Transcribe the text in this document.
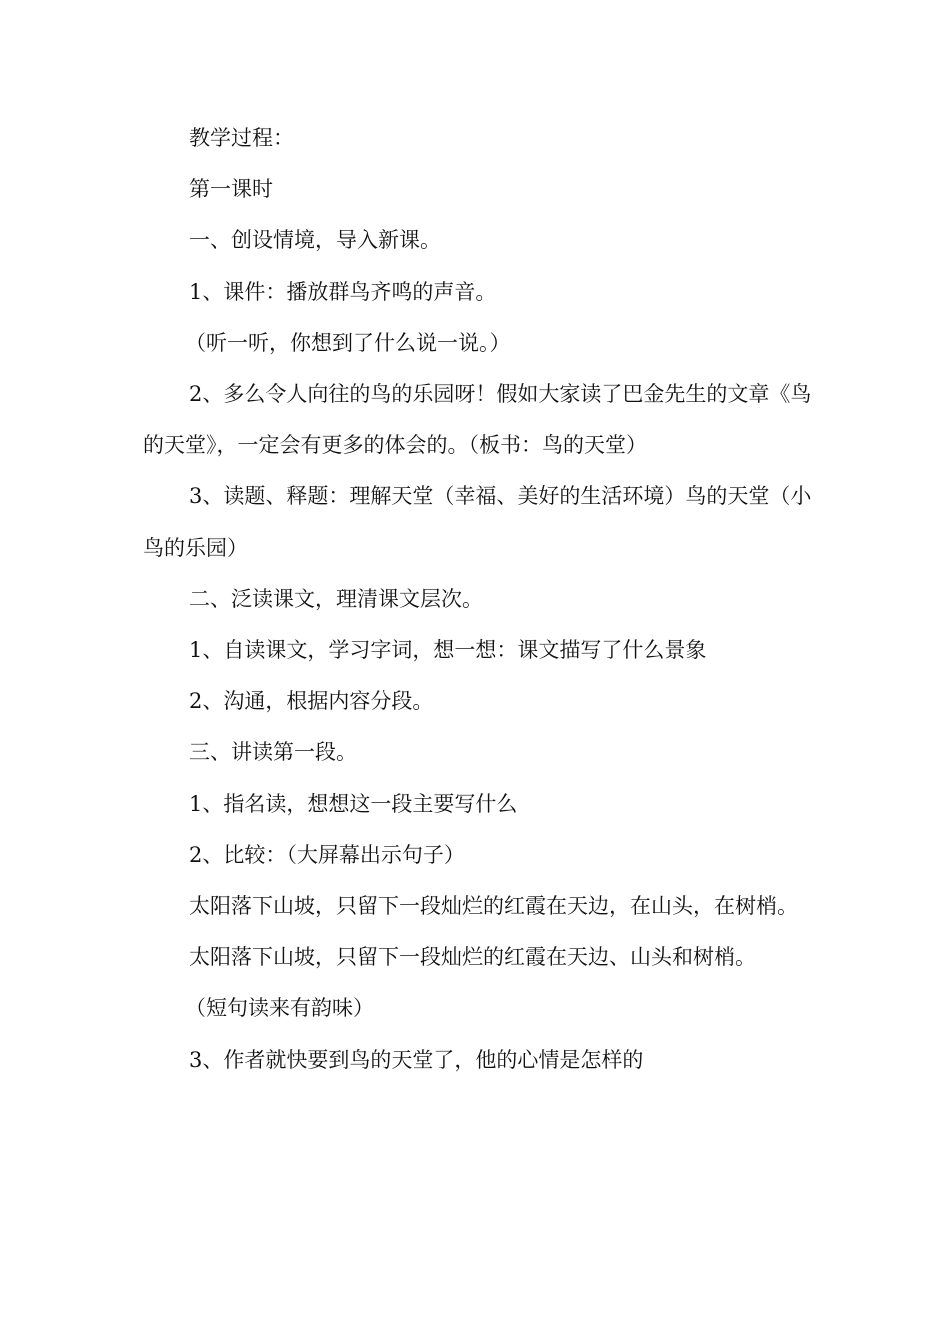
教学过程：

第一课时

一、创设情境，导入新课。

1、课件：播放群鸟齐鸣的声音。

（听一听，你想到了什么说一说。）

2、多么令人向往的鸟的乐园呀！假如大家读了巴金先生的文章《鸟的天堂》，一定会有更多的体会的。（板书：鸟的天堂）

3、读题、释题：理解天堂（幸福、美好的生活环境）鸟的天堂（小鸟的乐园）

二、泛读课文，理清课文层次。

1、自读课文，学习字词，想一想：课文描写了什么景象

2、沟通，根据内容分段。

三、讲读第一段。

1、指名读，想想这一段主要写什么

2、比较：（大屏幕出示句子）

太阳落下山坡，只留下一段灿烂的红霞在天边，在山头，在树梢。

太阳落下山坡，只留下一段灿烂的红霞在天边、山头和树梢。

（短句读来有韵味）

3、作者就快要到鸟的天堂了，他的心情是怎样的
